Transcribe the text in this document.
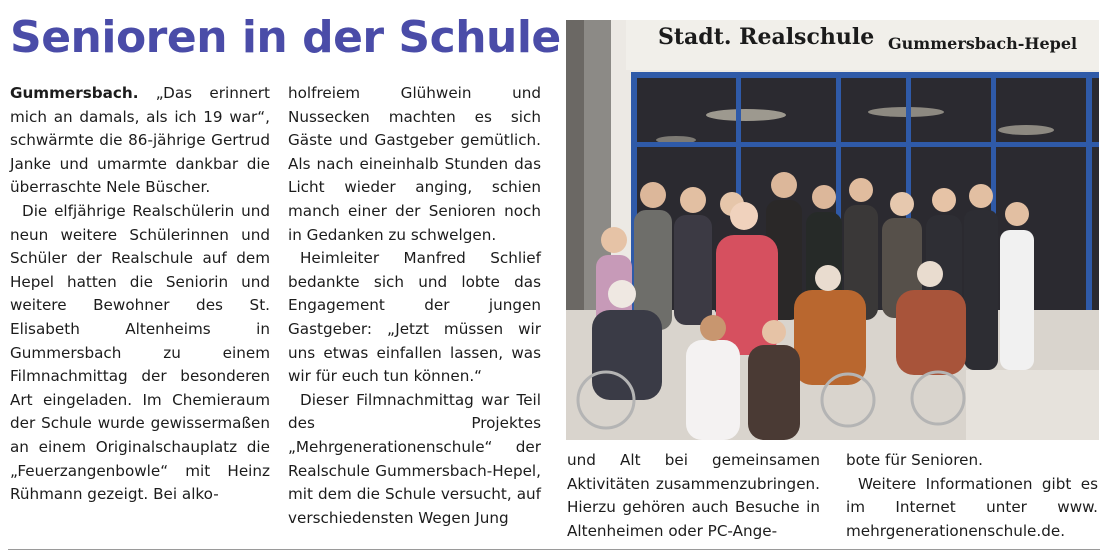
Senioren in der Schule

Gummersbach. „Das erinnert mich an damals, als ich 19 war“, schwärmte die 86-jährige Gertrud Janke und umarmte dankbar die überraschte Nele Büscher.

Die elfjährige Realschülerin und neun weitere Schülerinnen und Schüler der Realschule auf dem Hepel hatten die Seniorin und weitere Bewohner des St. Elisabeth Altenheims in Gummersbach zu einem Filmnachmittag der besonderen Art eingeladen. Im Chemieraum der Schule wurde gewissermaßen an einem Originalschauplatz die „Feuerzangenbowle“ mit Heinz Rühmann gezeigt. Bei alko-

holfreiem Glühwein und Nussecken machten es sich Gäste und Gastgeber gemütlich. Als nach eineinhalb Stunden das Licht wieder anging, schien manch einer der Senioren noch in Gedanken zu schwelgen.

Heimleiter Manfred Schlief bedankte sich und lobte das Engagement der jungen Gastgeber: „Jetzt müssen wir uns etwas einfallen lassen, was wir für euch tun können.“

Dieser Filmnachmittag war Teil des Projektes „Mehrgenerationenschule“ der Realschule Gummersbach-Hepel, mit dem die Schule versucht, auf verschiedensten Wegen Jung

Stadt. Realschule Gummersbach-Hepel

und Alt bei gemeinsamen Aktivitäten zusammenzubringen. Hierzu gehören auch Besuche in Altenheimen oder PC-Ange-

bote für Senioren.

Weitere Informationen gibt es im Internet unter www. mehrgenerationenschule.de.
